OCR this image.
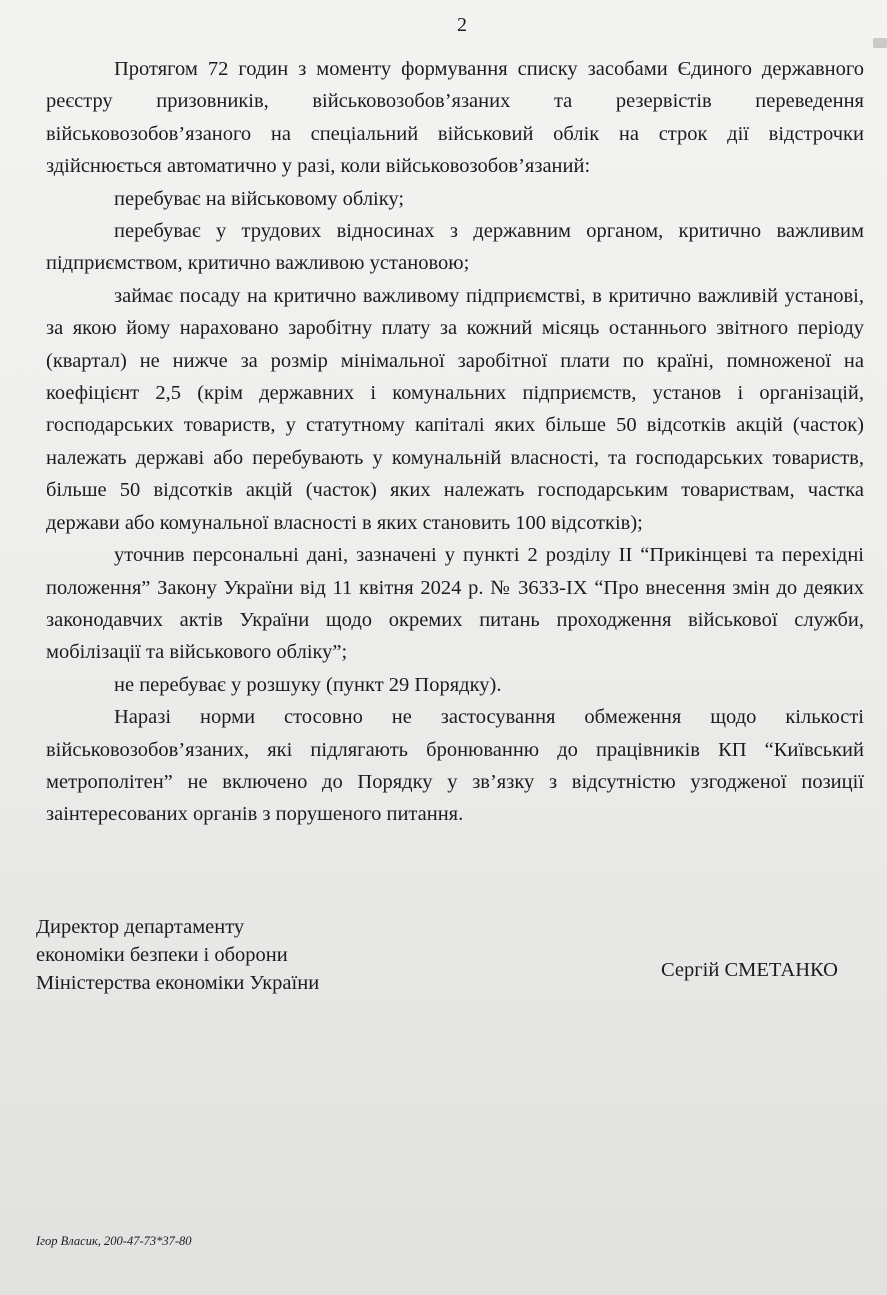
2

Протягом 72 годин з моменту формування списку засобами Єдиного державного реєстру призовників, військовозобов’язаних та резервістів переведення військовозобов’язаного на спеціальний військовий облік на строк дії відстрочки здійснюється автоматично у разі, коли військовозобов’язаний:

перебуває на військовому обліку;

перебуває у трудових відносинах з державним органом, критично важливим підприємством, критично важливою установою;

займає посаду на критично важливому підприємстві, в критично важливій установі, за якою йому нараховано заробітну плату за кожний місяць останнього звітного періоду (квартал) не нижче за розмір мінімальної заробітної плати по країні, помноженої на коефіцієнт 2,5 (крім державних і комунальних підприємств, установ і організацій, господарських товариств, у статутному капіталі яких більше 50 відсотків акцій (часток) належать державі або перебувають у комунальній власності, та господарських товариств, більше 50 відсотків акцій (часток) яких належать господарським товариствам, частка держави або комунальної власності в яких становить 100 відсотків);

уточнив персональні дані, зазначені у пункті 2 розділу ІІ “Прикінцеві та перехідні положення” Закону України від 11 квітня 2024 р. № 3633-IX “Про внесення змін до деяких законодавчих актів України щодо окремих питань проходження військової служби, мобілізації та військового обліку”;

не перебуває у розшуку (пункт 29 Порядку).

Наразі норми стосовно не застосування обмеження щодо кількості військовозобов’язаних, які підлягають бронюванню до працівників КП “Київський метрополітен” не включено до Порядку у зв’язку з відсутністю узгодженої позиції заінтересованих органів з порушеного питання.

Директор департаменту
економіки безпеки і оборони
Міністерства економіки України
Сергій СМЕТАНКО
Ігор Власик, 200-47-73*37-80
